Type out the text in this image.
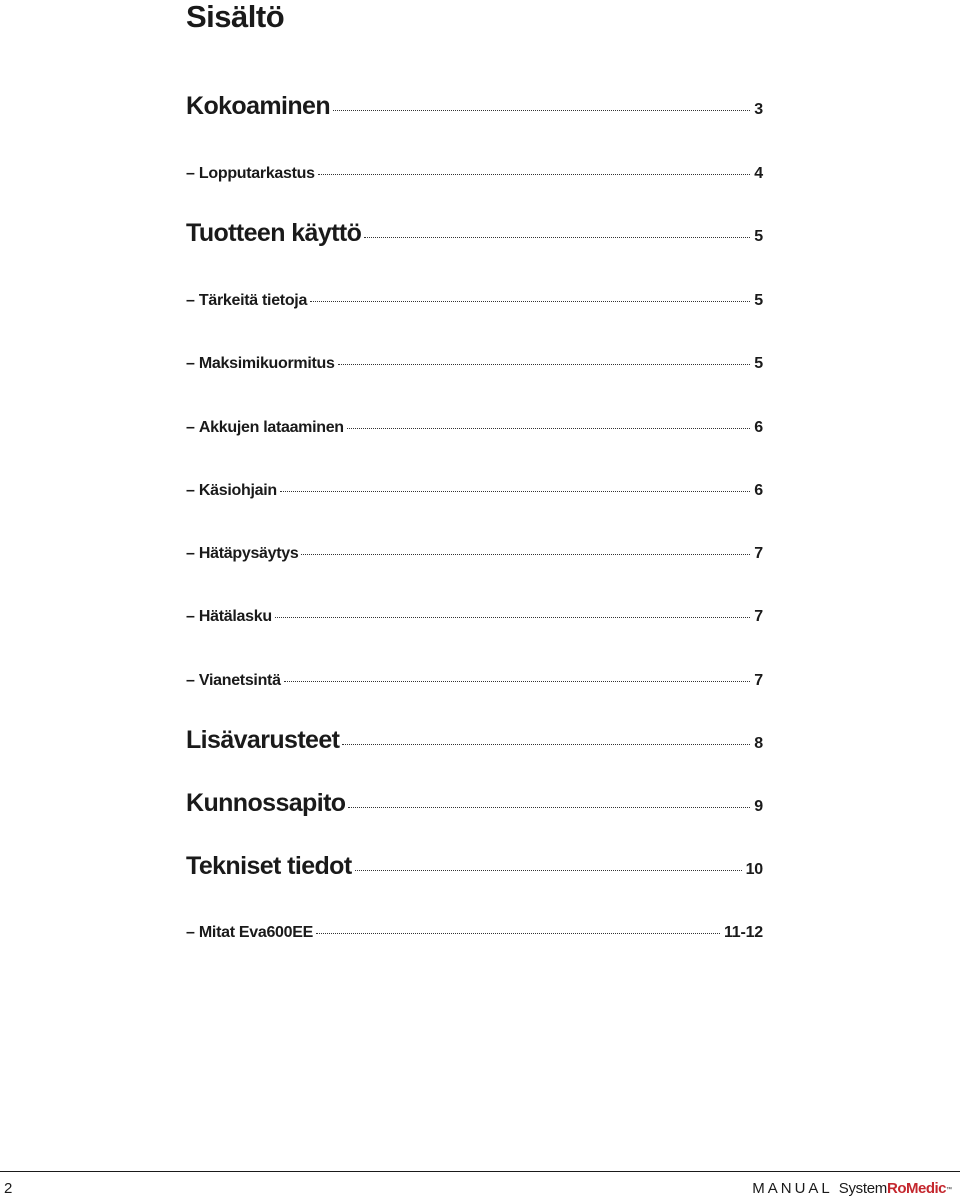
Sisältö
Kokoaminen	3
– Lopputarkastus	4
Tuotteen käyttö	5
– Tärkeitä tietoja	5
– Maksimikuormitus	5
– Akkujen lataaminen	6
– Käsiohjain	6
– Hätäpysäytys	7
– Hätälasku	7
– Vianetsintä	7
Lisävarusteet	8
Kunnossapito	9
Tekniset tiedot	10
– Mitat Eva600EE	11-12
2	MANUAL System RoMedic ™
